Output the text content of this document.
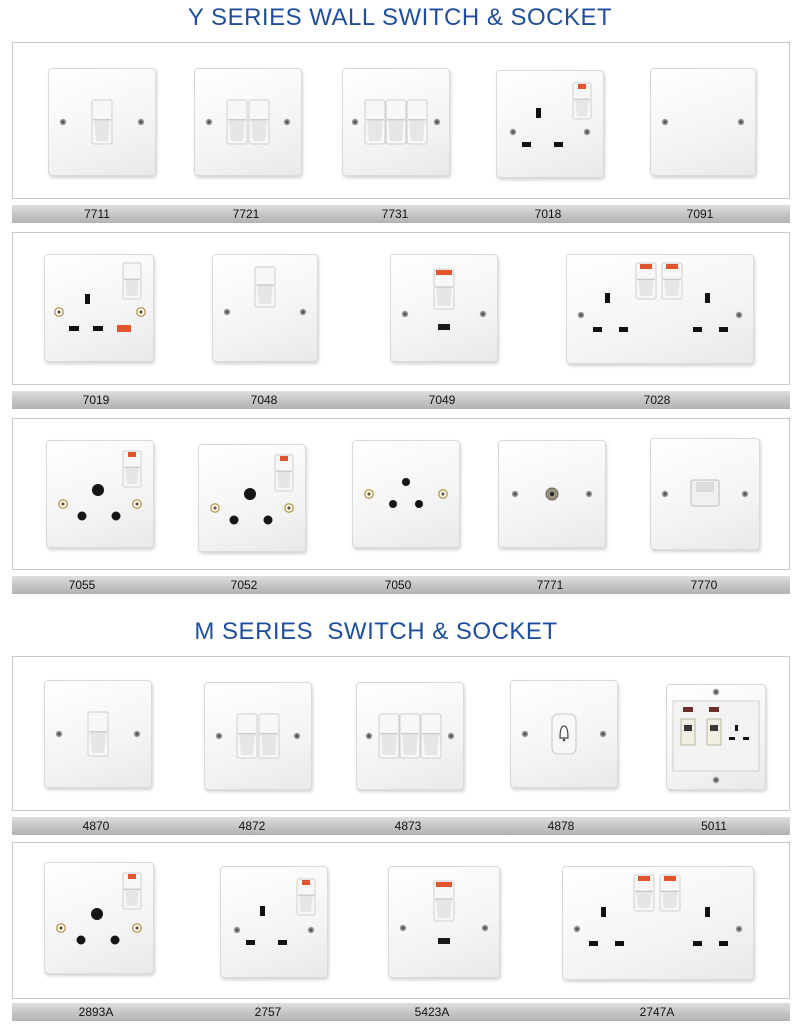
Y SERIES WALL SWITCH & SOCKET
M SERIES  SWITCH & SOCKET
7711	7721	7731	7018	7091
7019	7048	7049	7028
7055	7052	7050	7771	7770
4870	4872	4873	4878	5011
2893A	2757	5423A	2747A
